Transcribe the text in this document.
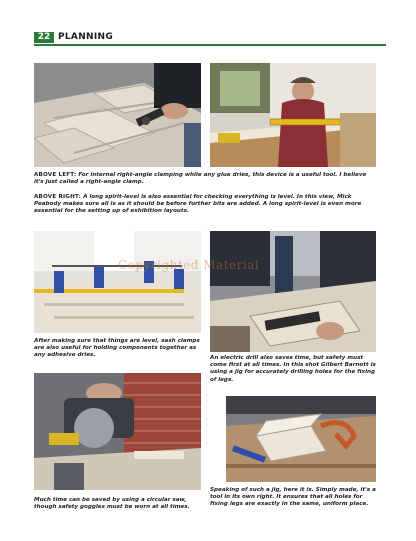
22 PLANNING
ABOVE LEFT: For internal right-angle clamping while any glue dries, this device is a useful tool. I believe it's just called a right-angle clamp.
ABOVE RIGHT: A long spirit-level is also essential for checking everything is level. In this view, Mick Peabody makes sure all is as it should be before further bits are added. A long spirit-level is even more essential for the setting up of exhibition layouts.
After making sure that things are level, sash clamps are also useful for holding components together as any adhesive dries.	An electric drill also saves time, but safety must come first at all times. In this shot Gilbert Barnott is using a jig for accurately drilling holes for the fixing of legs.
Much time can be saved by using a circular saw, though safety goggles must be worn at all times.
Speaking of such a jig, here it is. Simply made, it's a tool in its own right. It ensures that all holes for fixing legs are exactly in the same, uniform place.
Copyrighted Material
